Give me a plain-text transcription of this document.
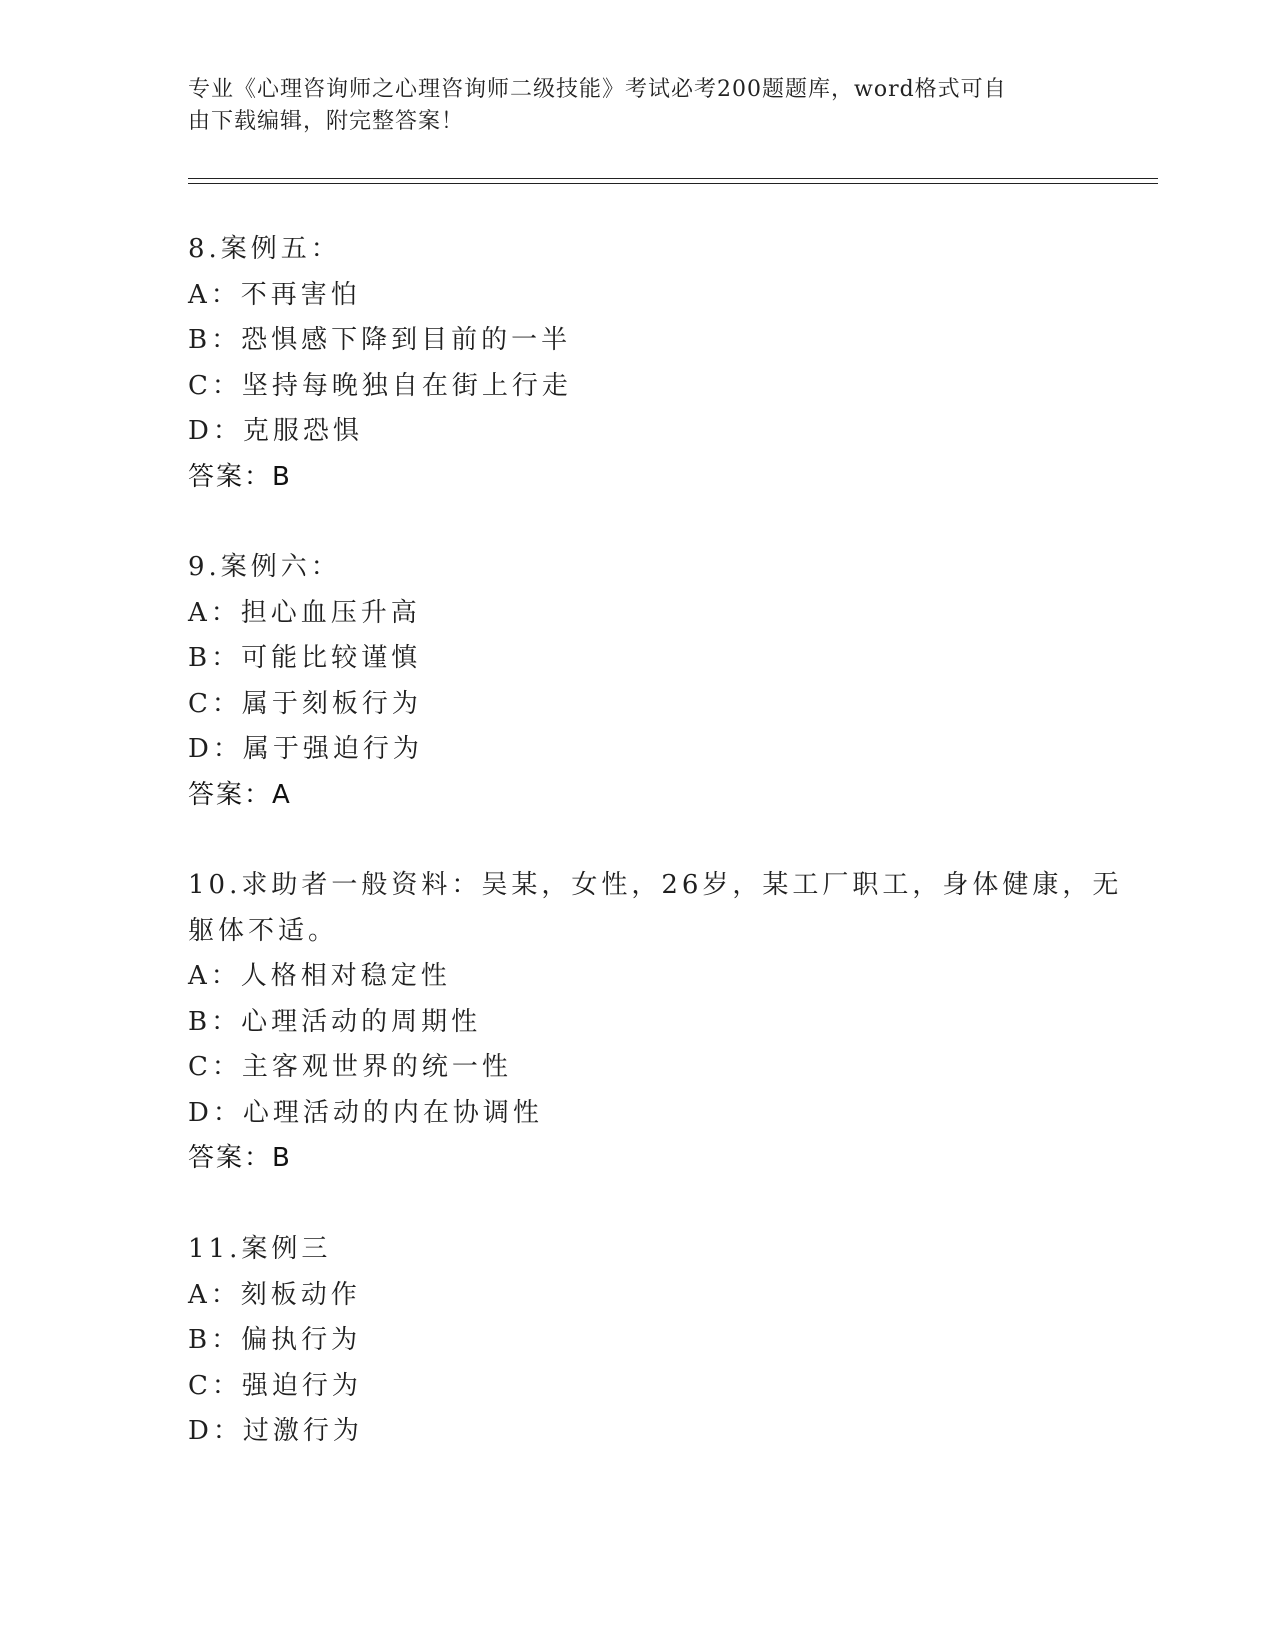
专业《心理咨询师之心理咨询师二级技能》考试必考200题题库，word格式可自
由下载编辑，附完整答案！
8.案例五：
A：不再害怕
B：恐惧感下降到目前的一半
C：坚持每晚独自在街上行走
D：克服恐惧
答案：B
9.案例六：
A：担心血压升高
B：可能比较谨慎
C：属于刻板行为
D：属于强迫行为
答案：A
10.求助者一般资料：吴某，女性，26岁，某工厂职工，身体健康，无
躯体不适。
A：人格相对稳定性
B：心理活动的周期性
C：主客观世界的统一性
D：心理活动的内在协调性
答案：B
11.案例三
A：刻板动作
B：偏执行为
C：强迫行为
D：过激行为
